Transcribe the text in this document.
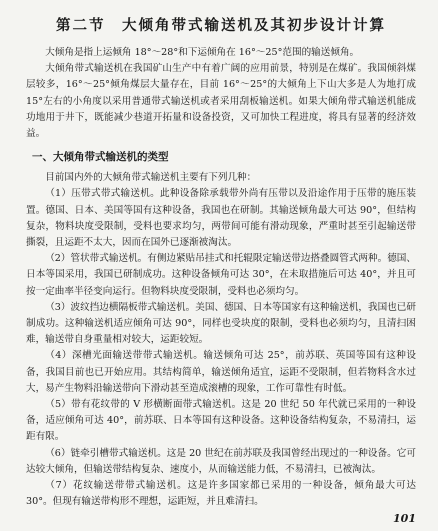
第二节　大倾角带式输送机及其初步设计计算

大倾角是指上运倾角 18°～28°和下运倾角在 16°～25°范围的输送倾角。

大倾角带式输送机在我国矿山生产中有着广阔的应用前景，特别是在煤矿。我国倾斜煤层较多，16°～25°倾角煤层大量存在，目前 16°～25°的大倾角上下山大多是人为地打成 15°左右的小角度以采用普通带式输送机或者采用刮板输送机。如果大倾角带式输送机能成功地用于井下，既能减少巷道开拓量和设备投资，又可加快工程进度，将具有显著的经济效益。

一、大倾角带式输送机的类型

目前国内外的大倾角带式输送机主要有下列几种：

（1）压带式带式输送机。此种设备除承载带外尚有压带以及沿途作用于压带的施压装置。德国、日本、美国等国有这种设备，我国也在研制。其输送倾角最大可达 90°，但结构复杂，物料块度受限制，受料也要求均匀，两带间可能有滑动现象，严重时甚至引起输送带撕裂，且运距不太大，因而在国外已逐渐被淘汰。

（2）管状带式输送机。有侧边紧贴吊挂式和托辊限定输送带边搭叠圆管式两种。德国、日本等国采用，我国已研制成功。这种设备倾角可达 30°，在未取措施后可达 40°，并且可按一定曲率半径变向运行。但物料块度受限制，受料也必须均匀。

（3）波纹挡边横隔板带式输送机。美国、德国、日本等国家有这种输送机，我国也已研制成功。这种输送机适应倾角可达 90°，同样也受块度的限制，受料也必须均匀，且清扫困难，输送带自身重量相对较大，运距较短。

（4）深槽光面输送带带式输送机。输送倾角可达 25°，前苏联、英国等国有这种设备，我国目前也已开始应用。其结构简单，输送倾角适宜，运距不受限制，但若物料含水过大，易产生物料沿输送带向下滑动甚至造成滚槽的现象，工作可靠性有时低。

（5）带有花纹带的 V 形横断面带式输送机。这是 20 世纪 50 年代就已采用的一种设备，适应倾角可达 40°，前苏联、日本等国有这种设备。这种设备结构复杂，不易清扫，运距有限。

（6）链牵引槽带式输送机。这是 20 世纪在前苏联及我国曾经出现过的一种设备。它可达较大倾角，但输送带结构复杂、速度小，从而输送能力低，不易清扫，已被淘汰。

（7）花纹输送带带式输送机。这是许多国家都已采用的一种设备，倾角最大可达 30°。但现有输送带构形不理想，运距短，并且难清扫。

101
